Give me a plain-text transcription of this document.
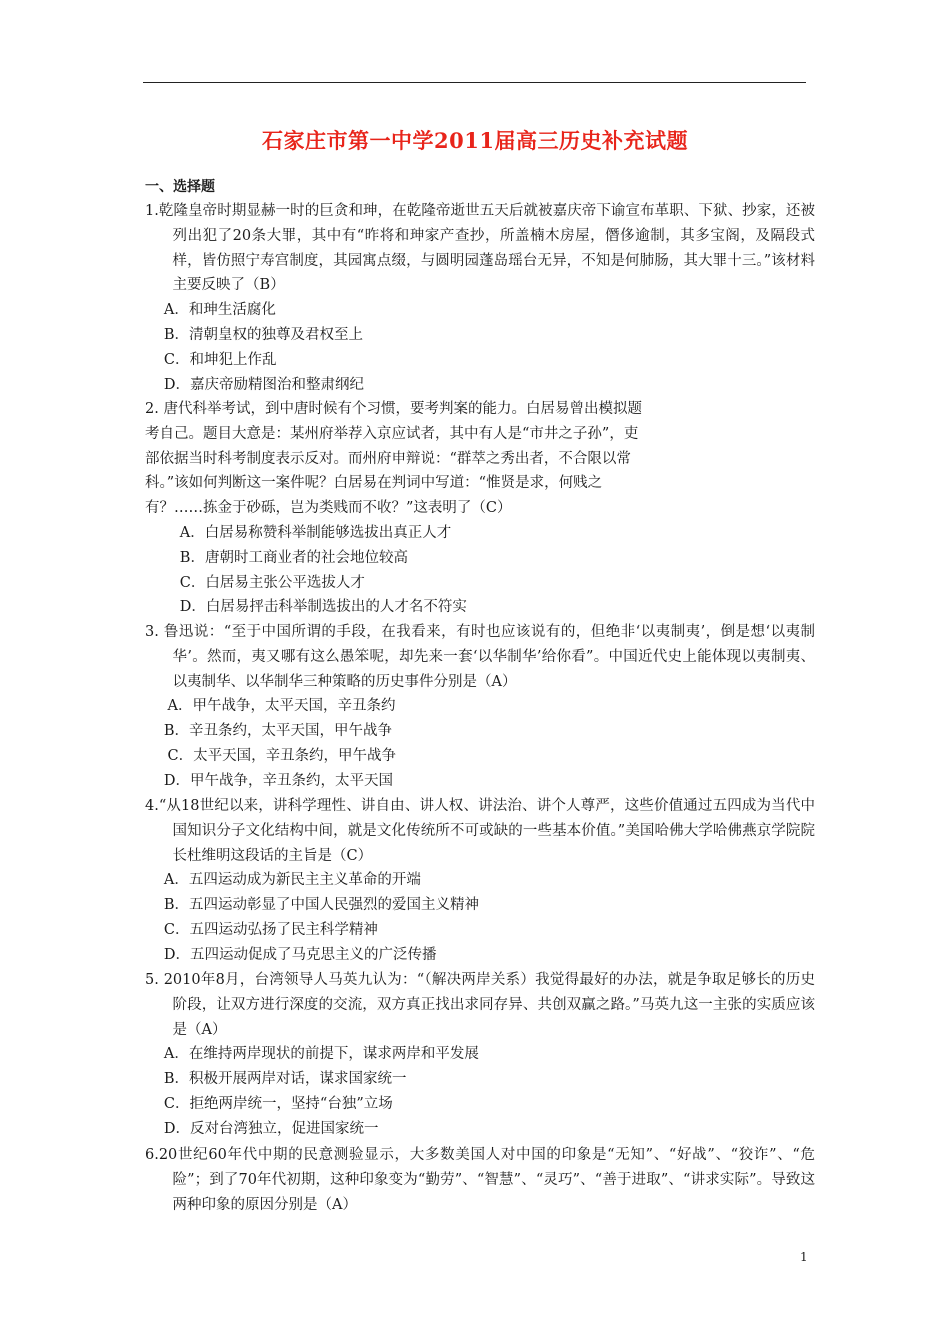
石家庄市第一中学2011届高三历史补充试题
一、选择题
1.乾隆皇帝时期显赫一时的巨贪和珅，在乾隆帝逝世五天后就被嘉庆帝下谕宣布革职、下狱、抄家，还被列出犯了20条大罪，其中有“昨将和珅家产查抄，所盖楠木房屋，僭侈逾制，其多宝阁，及隔段式样，皆仿照宁寿宫制度，其园寓点缀，与圆明园蓬岛瑶台无异，不知是何肺肠，其大罪十三。”该材料主要反映了（B）
A．和珅生活腐化
B．清朝皇权的独尊及君权至上
C．和坤犯上作乱
D．嘉庆帝励精图治和整肃纲纪
2. 唐代科举考试，到中唐时候有个习惯，要考判案的能力。白居易曾出模拟题
考自己。题目大意是：某州府举荐入京应试者，其中有人是“市井之子孙”，吏
部依据当时科考制度表示反对。而州府申辩说：“群萃之秀出者，不合限以常
科。”该如何判断这一案件呢？白居易在判词中写道：“惟贤是求，何贱之
有？……拣金于砂砾，岂为类贱而不收？”这表明了（C）
A．白居易称赞科举制能够选拔出真正人才
B．唐朝时工商业者的社会地位较高
C．白居易主张公平选拔人才
D．白居易抨击科举制选拔出的人才名不符实
3. 鲁迅说：“至于中国所谓的手段，在我看来，有时也应该说有的，但绝非‘以夷制夷’，倒是想‘以夷制华’。然而，夷又哪有这么愚笨呢，却先来一套‘以华制华’给你看”。中国近代史上能体现以夷制夷、以夷制华、以华制华三种策略的历史事件分别是（A）
A．甲午战争，太平天国，辛丑条约
B．辛丑条约，太平天国，甲午战争
C．太平天国，辛丑条约，甲午战争
D．甲午战争，辛丑条约，太平天国
4.“从18世纪以来，讲科学理性、讲自由、讲人权、讲法治、讲个人尊严，这些价值通过五四成为当代中国知识分子文化结构中间，就是文化传统所不可或缺的一些基本价值。”美国哈佛大学哈佛燕京学院院长杜维明这段话的主旨是（C）
A．五四运动成为新民主主义革命的开端
B．五四运动彰显了中国人民强烈的爱国主义精神
C．五四运动弘扬了民主科学精神
D．五四运动促成了马克思主义的广泛传播
5. 2010年8月，台湾领导人马英九认为：“（解决两岸关系）我觉得最好的办法，就是争取足够长的历史阶段，让双方进行深度的交流，双方真正找出求同存异、共创双赢之路。”马英九这一主张的实质应该是（A）
A．在维持两岸现状的前提下，谋求两岸和平发展
B．积极开展两岸对话，谋求国家统一
C．拒绝两岸统一，坚持“台独”立场
D．反对台湾独立，促进国家统一
6.20世纪60年代中期的民意测验显示，大多数美国人对中国的印象是“无知”、“好战”、“狡诈”、“危险”；到了70年代初期，这种印象变为“勤劳”、“智慧”、“灵巧”、“善于进取”、“讲求实际”。导致这两种印象的原因分别是（A）
1
